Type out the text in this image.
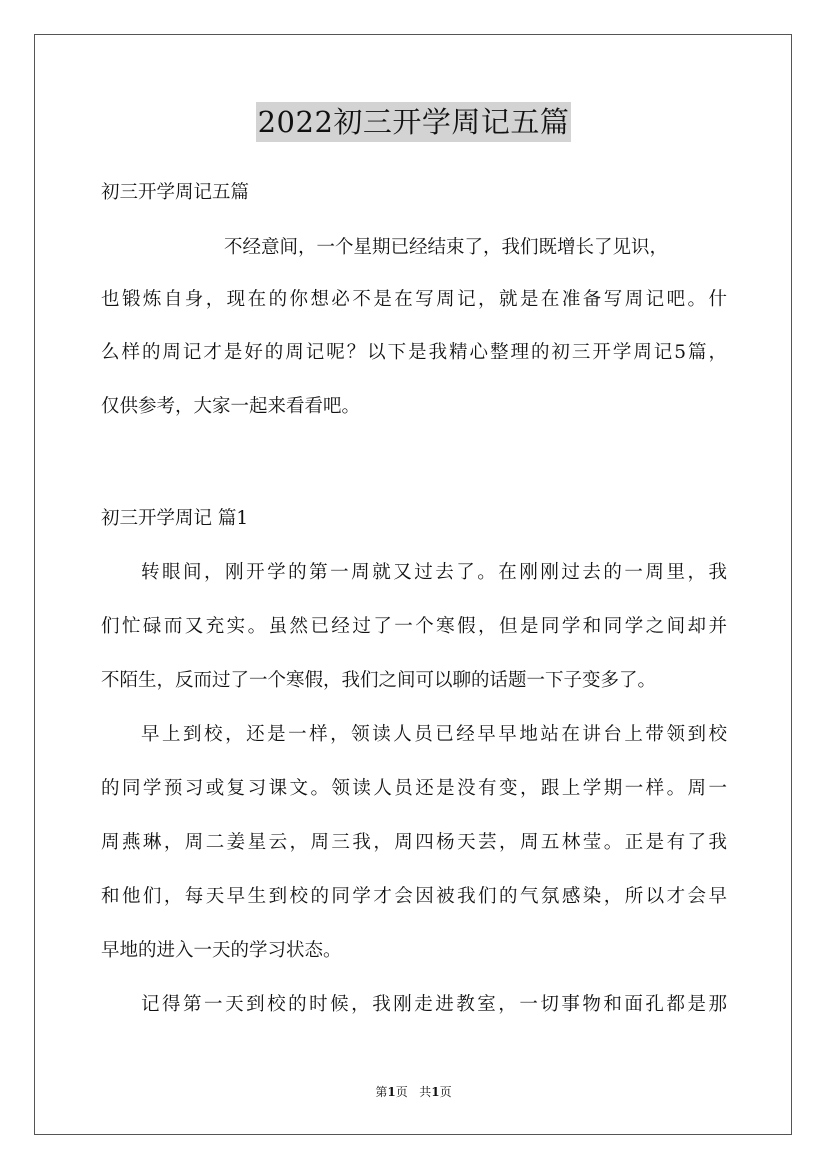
2022初三开学周记五篇
初三开学周记五篇
不经意间，一个星期已经结束了，我们既增长了见识，
也锻炼自身，现在的你想必不是在写周记，就是在准备写周记吧。什
么样的周记才是好的周记呢？以下是我精心整理的初三开学周记5篇，
仅供参考，大家一起来看看吧。
初三开学周记 篇1
转眼间，刚开学的第一周就又过去了。在刚刚过去的一周里，我
们忙碌而又充实。虽然已经过了一个寒假，但是同学和同学之间却并
不陌生，反而过了一个寒假，我们之间可以聊的话题一下子变多了。
早上到校，还是一样，领读人员已经早早地站在讲台上带领到校
的同学预习或复习课文。领读人员还是没有变，跟上学期一样。周一
周燕琳，周二姜星云，周三我，周四杨天芸，周五林莹。正是有了我
和他们，每天早生到校的同学才会因被我们的气氛感染，所以才会早
早地的进入一天的学习状态。
记得第一天到校的时候，我刚走进教室，一切事物和面孔都是那
第1页 共1页
